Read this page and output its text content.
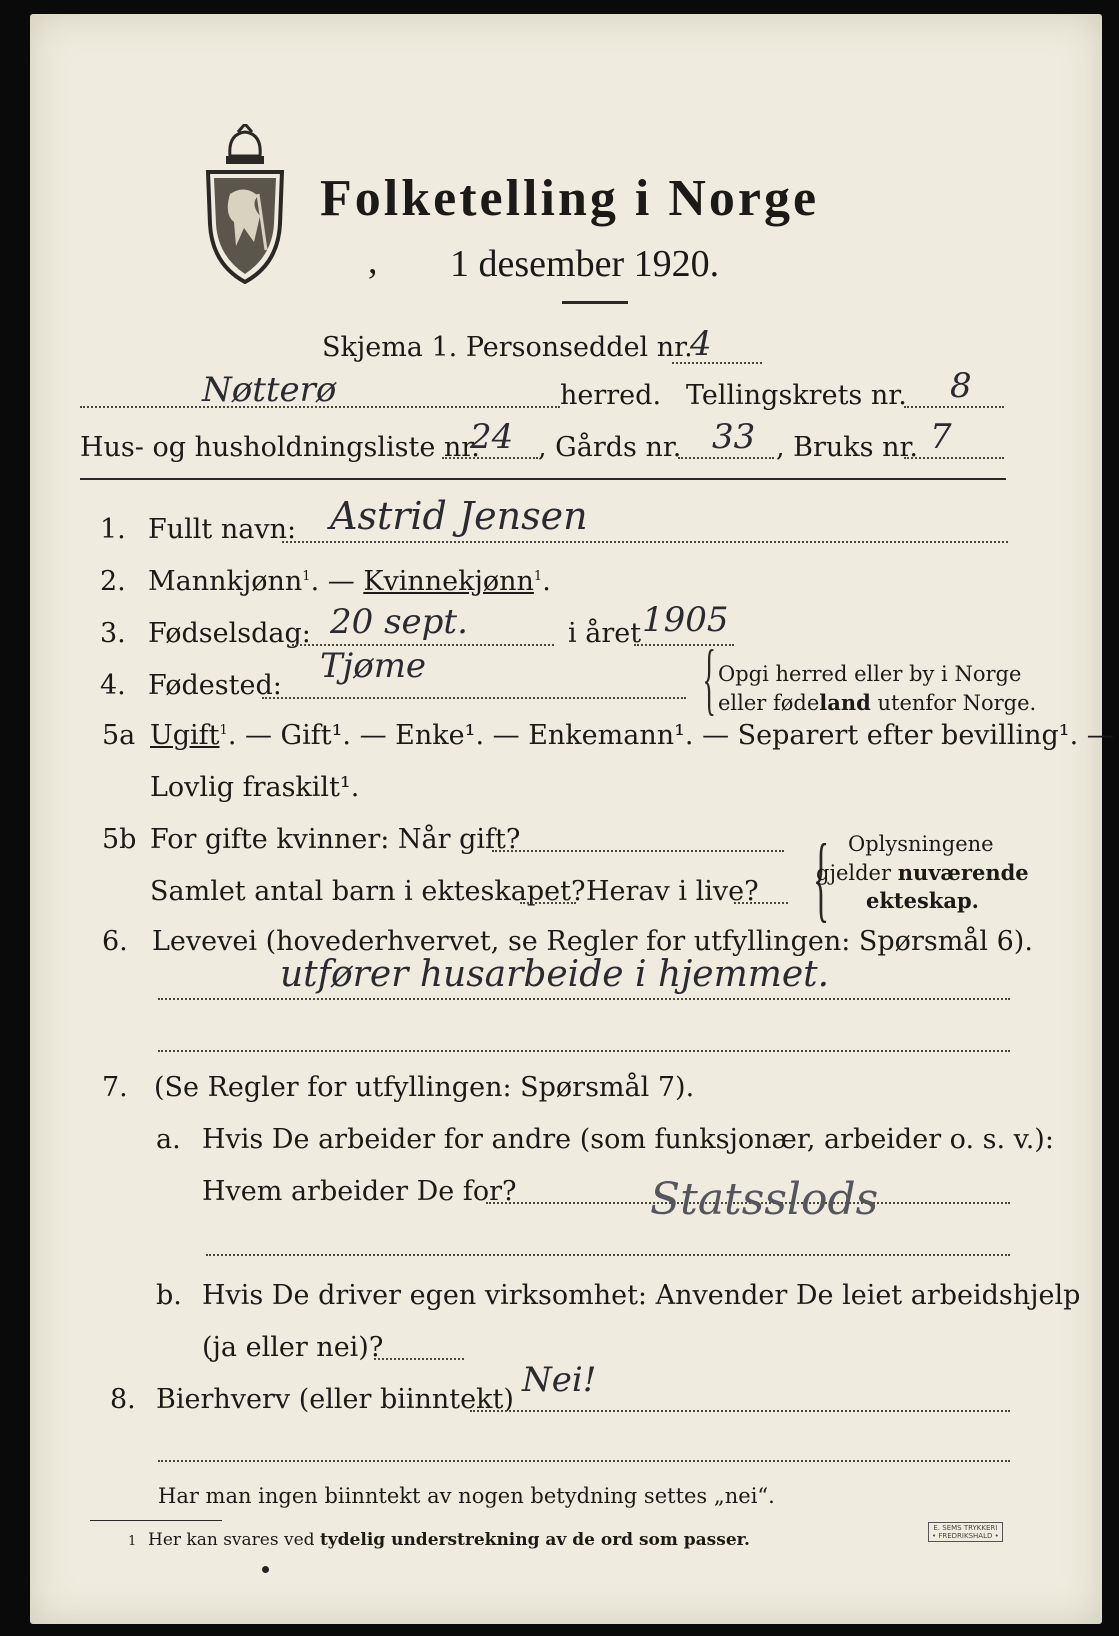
Folketelling i Norge
, 1 desember 1920.
Skjema 1. Personseddel nr.
4
Nøtterø	herred. Tellingskrets nr. 8
Hus- og husholdningsliste nr.
24 , Gårds nr. 33 , Bruks nr. 7
1. Fullt navn: Astrid Jensen
2. Mannkjønn$^1$. — Kvinnekjønn$^1$.
3. Fødselsdag: 20 sept.	i året 1905
4. Fødested: Tjøme	{ Opgi herred eller by i Norge
eller fødeland utenfor Norge.
5a Ugift$^1$. — Gift¹. — Enke¹. — Enkemann¹. — Separert efter bevilling¹. —
Lovlig fraskilt¹.
5b For gifte kvinner: Når gift?
Samlet antal barn i ekteskapet? Herav i live? { Oplysningene
gjelder nuværende
ekteskap.
6. Levevei (hovederhvervet, se Regler for utfyllingen: Spørsmål 6).
utfører husarbeide i hjemmet.
7. (Se Regler for utfyllingen: Spørsmål 7).
a. Hvis De arbeider for andre (som funksjonær, arbeider o. s. v.):
Hvem arbeider De for?	Statsslods
b. Hvis De driver egen virksomhet: Anvender De leiet arbeidshjelp
(ja eller nei)?
8. Bierhverv (eller biinntekt) Nei!
Har man ingen biinntekt av nogen betydning settes „nei“.
1 Her kan svares ved tydelig understrekning av de ord som passer.
E. SEMS TRYKKERI
• FREDRIKSHALD •
